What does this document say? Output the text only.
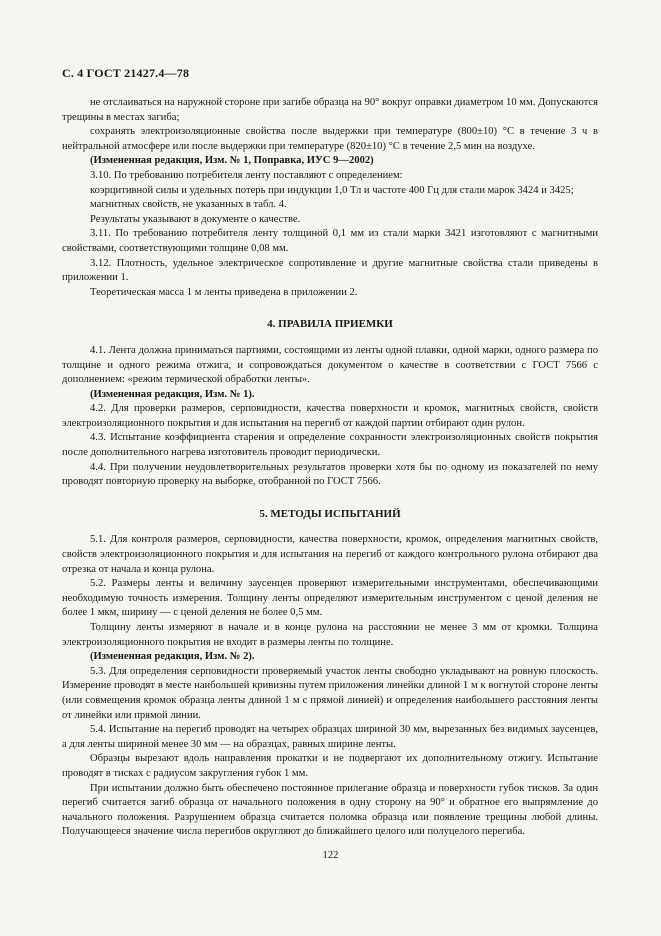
С. 4 ГОСТ 21427.4—78

не отслаиваться на наружной стороне при загибе образца на 90° вокруг оправки диаметром 10 мм. Допускаются трещины в местах загиба;

сохранять электроизоляционные свойства после выдержки при температуре (800±10) °С в течение 3 ч в нейтральной атмосфере или после выдержки при температуре (820±10) °С в течение 2,5 мин на воздухе.

(Измененная редакция, Изм. № 1, Поправка, ИУС 9—2002)

3.10. По требованию потребителя ленту поставляют с определением:

коэрцитивной силы и удельных потерь при индукции 1,0 Тл и частоте 400 Гц для стали марок 3424 и 3425;

магнитных свойств, не указанных в табл. 4.

Результаты указывают в документе о качестве.

3.11. По требованию потребителя ленту толщиной 0,1 мм из стали марки 3421 изготовляют с магнитными свойствами, соответствующими толщине 0,08 мм.

3.12. Плотность, удельное электрическое сопротивление и другие магнитные свойства стали приведены в приложении 1.

Теоретическая масса 1 м ленты приведена в приложении 2.

4. ПРАВИЛА ПРИЕМКИ

4.1. Лента должна приниматься партиями, состоящими из ленты одной плавки, одной марки, одного размера по толщине и одного режима отжига, и сопровождаться документом о качестве в соответствии с ГОСТ 7566 с дополнением: «режим термической обработки ленты».

(Измененная редакция, Изм. № 1).

4.2. Для проверки размеров, серповидности, качества поверхности и кромок, магнитных свойств, свойств электроизоляционного покрытия и для испытания на перегиб от каждой партии отбирают один рулон.

4.3. Испытание коэффициента старения и определение сохранности электроизоляционных свойств покрытия после дополнительного нагрева изготовитель проводит периодически.

4.4. При получении неудовлетворительных результатов проверки хотя бы по одному из показателей по нему проводят повторную проверку на выборке, отобранной по ГОСТ 7566.

5. МЕТОДЫ ИСПЫТАНИЙ

5.1. Для контроля размеров, серповидности, качества поверхности, кромок, определения магнитных свойств, свойств электроизоляционного покрытия и для испытания на перегиб от каждого контрольного рулона отбирают два отрезка от начала и конца рулона.

5.2. Размеры ленты и величину заусенцев проверяют измерительными инструментами, обеспечивающими необходимую точность измерения. Толщину ленты определяют измерительным инструментом с ценой деления не более 1 мкм, ширину — с ценой деления не более 0,5 мм.

Толщину ленты измеряют в начале и в конце рулона на расстоянии не менее 3 мм от кромки. Толщина электроизоляционного покрытия не входит в размеры ленты по толщине.

(Измененная редакция, Изм. № 2).

5.3. Для определения серповидности проверяемый участок ленты свободно укладывают на ровную плоскость. Измерение проводят в месте наибольшей кривизны путем приложения линейки длиной 1 м к вогнутой стороне ленты (или совмещения кромок образца ленты длиной 1 м с прямой линией) и определения наибольшего расстояния ленты от линейки или прямой линии.

5.4. Испытание на перегиб проводят на четырех образцах шириной 30 мм, вырезанных без видимых заусенцев, а для ленты шириной менее 30 мм — на образцах, равных ширине ленты.

Образцы вырезают вдоль направления прокатки и не подвергают их дополнительному отжигу. Испытание проводят в тисках с радиусом закругления губок 1 мм.

При испытании должно быть обеспечено постоянное прилегание образца и поверхности губок тисков. За один перегиб считается загиб образца от начального положения в одну сторону на 90° и обратное его выпрямление до начального положения. Разрушением образца считается поломка образца или появление трещины любой длины. Получающееся значение числа перегибов округляют до ближайшего целого или полуцелого перегиба.

122
